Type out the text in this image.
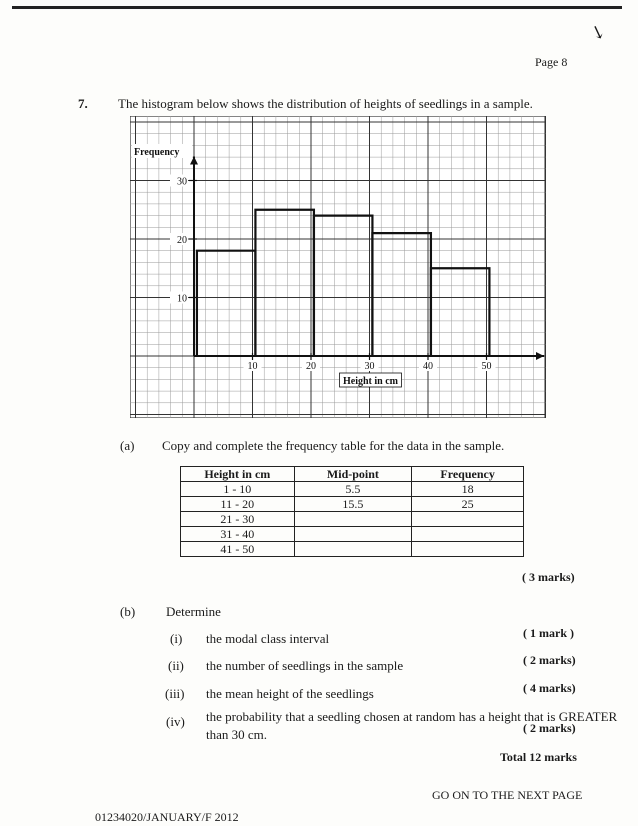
↘
Page 8
7. The histogram below shows the distribution of heights of seedlings in a sample.
10
20
30
10	20	30	40	50
Frequency
Height in cm
(a) Copy and complete the frequency table for the data in the sample.
Height in cm	Mid-point	Frequency
1 - 10	5.5	18
11 - 20	15.5	25
21 - 30		
31 - 40		
41 - 50		
( 3 marks)
(b) Determine
(i) the modal class interval	( 1 mark )
(ii) the number of seedlings in the sample	( 2 marks)
(iii) the mean height of the seedlings	( 4 marks)
(iv) the probability that a seedling chosen at random has a height that is GREATER
than 30 cm.	( 2 marks)
Total 12 marks
GO ON TO THE NEXT PAGE
01234020/JANUARY/F 2012
